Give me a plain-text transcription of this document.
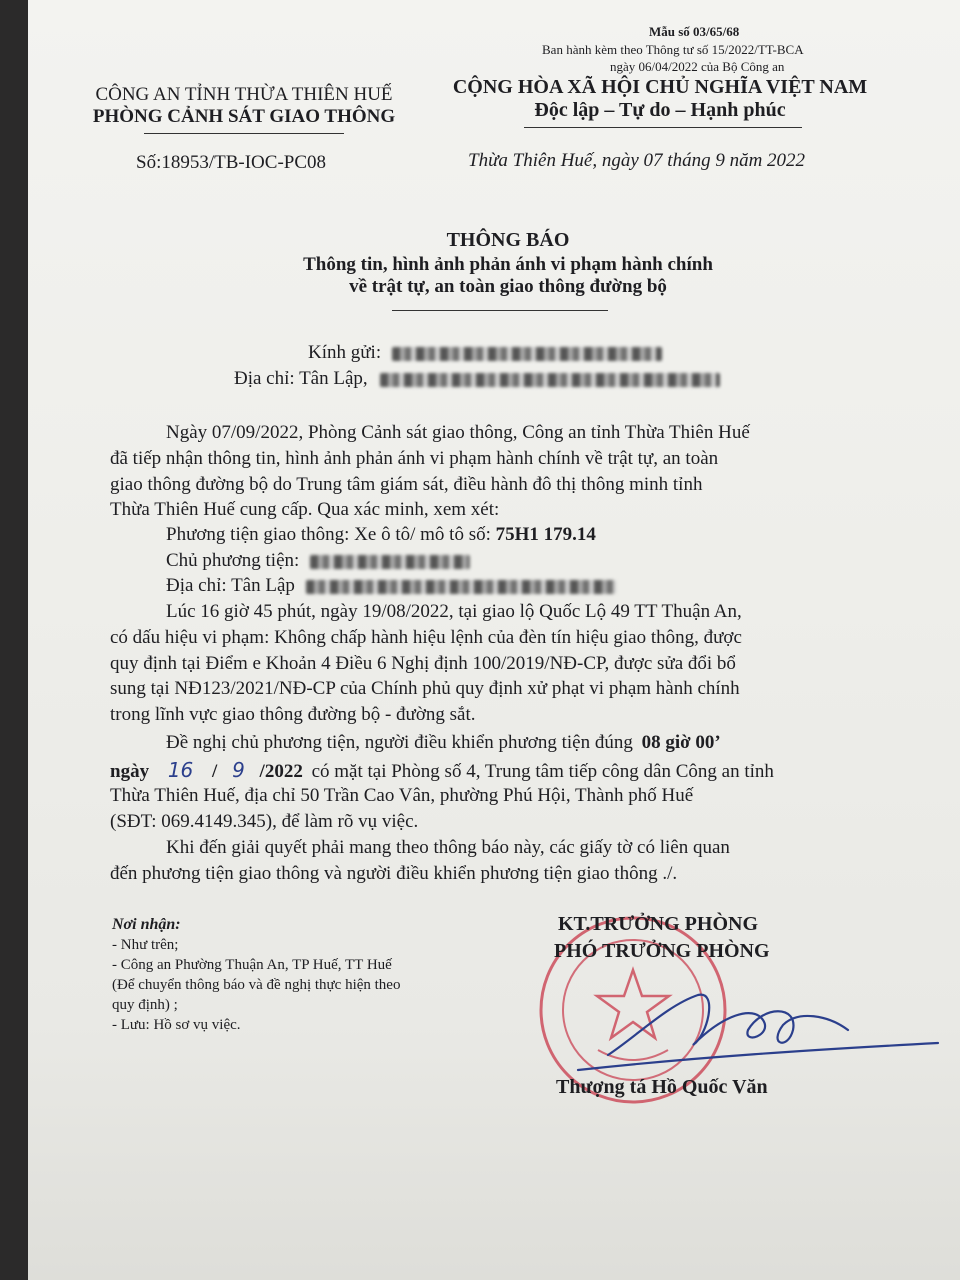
Mẫu số 03/65/68
Ban hành kèm theo Thông tư số 15/2022/TT-BCA
ngày 06/04/2022 của Bộ Công an
CÔNG AN TỈNH THỪA THIÊN HUẾ
PHÒNG CẢNH SÁT GIAO THÔNG
Số:18953/TB-IOC-PC08
CỘNG HÒA XÃ HỘI CHỦ NGHĨA VIỆT NAM
Độc lập – Tự do – Hạnh phúc
Thừa Thiên Huế, ngày 07 tháng 9 năm 2022
THÔNG BÁO
Thông tin, hình ảnh phản ánh vi phạm hành chính
về trật tự, an toàn giao thông đường bộ
Kính gửi:
Địa chỉ: Tân Lập,
Ngày 07/09/2022, Phòng Cảnh sát giao thông, Công an tỉnh Thừa Thiên Huế
đã tiếp nhận thông tin, hình ảnh phản ánh vi phạm hành chính về trật tự, an toàn
giao thông đường bộ do Trung tâm giám sát, điều hành đô thị thông minh tỉnh
Thừa Thiên Huế cung cấp. Qua xác minh, xem xét:
Phương tiện giao thông: Xe ô tô/ mô tô số: 75H1 179.14
Chủ phương tiện:
Địa chỉ: Tân Lập
Lúc 16 giờ 45 phút, ngày 19/08/2022, tại giao lộ Quốc Lộ 49 TT Thuận An,
có dấu hiệu vi phạm: Không chấp hành hiệu lệnh của đèn tín hiệu giao thông, được
quy định tại Điểm e Khoản 4 Điều 6 Nghị định 100/2019/NĐ-CP, được sửa đổi bổ
sung tại NĐ123/2021/NĐ-CP của Chính phủ quy định xử phạt vi phạm hành chính
trong lĩnh vực giao thông đường bộ - đường sắt.
Đề nghị chủ phương tiện, người điều khiển phương tiện đúng 08 giờ 00’
ngày 16 / 9 /2022 có mặt tại Phòng số 4, Trung tâm tiếp công dân Công an tỉnh
Thừa Thiên Huế, địa chỉ 50 Trần Cao Vân, phường Phú Hội, Thành phố Huế
(SĐT: 069.4149.345), để làm rõ vụ việc.
Khi đến giải quyết phải mang theo thông báo này, các giấy tờ có liên quan
đến phương tiện giao thông và người điều khiển phương tiện giao thông ./.
Nơi nhận:
- Như trên;
- Công an Phường Thuận An, TP Huế, TT Huế
(Để chuyển thông báo và đề nghị thực hiện theo
quy định) ;
- Lưu: Hồ sơ vụ việc.
KT.TRƯỞNG PHÒNG
PHÓ TRƯỞNG PHÒNG
Thượng tá Hồ Quốc Văn
